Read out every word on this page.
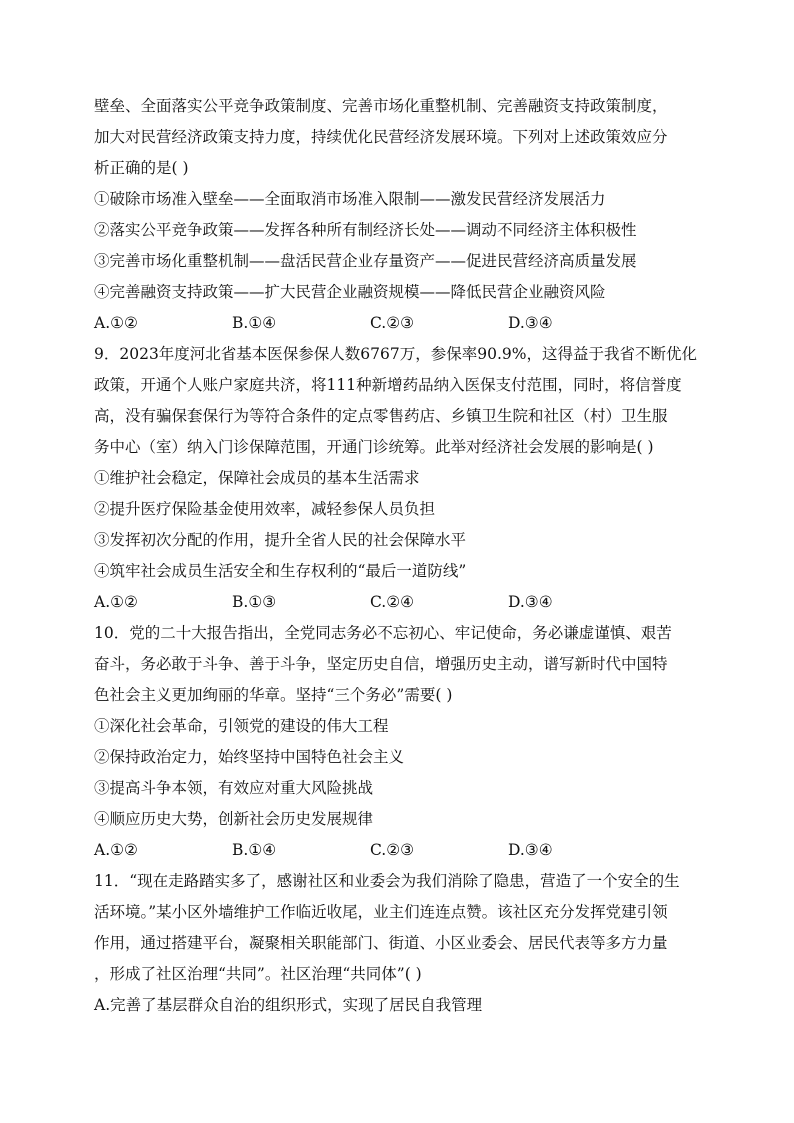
壁垒、全面落实公平竞争政策制度、完善市场化重整机制、完善融资支持政策制度，
加大对民营经济政策支持力度，持续优化民营经济发展环境。下列对上述政策效应分
析正确的是( )
①破除市场准入壁垒——全面取消市场准入限制——激发民营经济发展活力
②落实公平竞争政策——发挥各种所有制经济长处——调动不同经济主体积极性
③完善市场化重整机制——盘活民营企业存量资产——促进民营经济高质量发展
④完善融资支持政策——扩大民营企业融资规模——降低民营企业融资风险
A.①②	B.①④	C.②③	D.③④
9．2023年度河北省基本医保参保人数6767万，参保率90.9%，这得益于我省不断优化
政策，开通个人账户家庭共济，将111种新增药品纳入医保支付范围，同时，将信誉度
高，没有骗保套保行为等符合条件的定点零售药店、乡镇卫生院和社区（村）卫生服
务中心（室）纳入门诊保障范围，开通门诊统筹。此举对经济社会发展的影响是( )
①维护社会稳定，保障社会成员的基本生活需求
②提升医疗保险基金使用效率，减轻参保人员负担
③发挥初次分配的作用，提升全省人民的社会保障水平
④筑牢社会成员生活安全和生存权利的“最后一道防线”
A.①②	B.①③	C.②④	D.③④
10．党的二十大报告指出，全党同志务必不忘初心、牢记使命，务必谦虚谨慎、艰苦
奋斗，务必敢于斗争、善于斗争，坚定历史自信，增强历史主动，谱写新时代中国特
色社会主义更加绚丽的华章。坚持“三个务必”需要( )
①深化社会革命，引领党的建设的伟大工程
②保持政治定力，始终坚持中国特色社会主义
③提高斗争本领，有效应对重大风险挑战
④顺应历史大势，创新社会历史发展规律
A.①②	B.①④	C.②③	D.③④
11．“现在走路踏实多了，感谢社区和业委会为我们消除了隐患，营造了一个安全的生
活环境。”某小区外墙维护工作临近收尾，业主们连连点赞。该社区充分发挥党建引领
作用，通过搭建平台，凝聚相关职能部门、街道、小区业委会、居民代表等多方力量
，形成了社区治理“共同”。社区治理“共同体”( )
A.完善了基层群众自治的组织形式，实现了居民自我管理
